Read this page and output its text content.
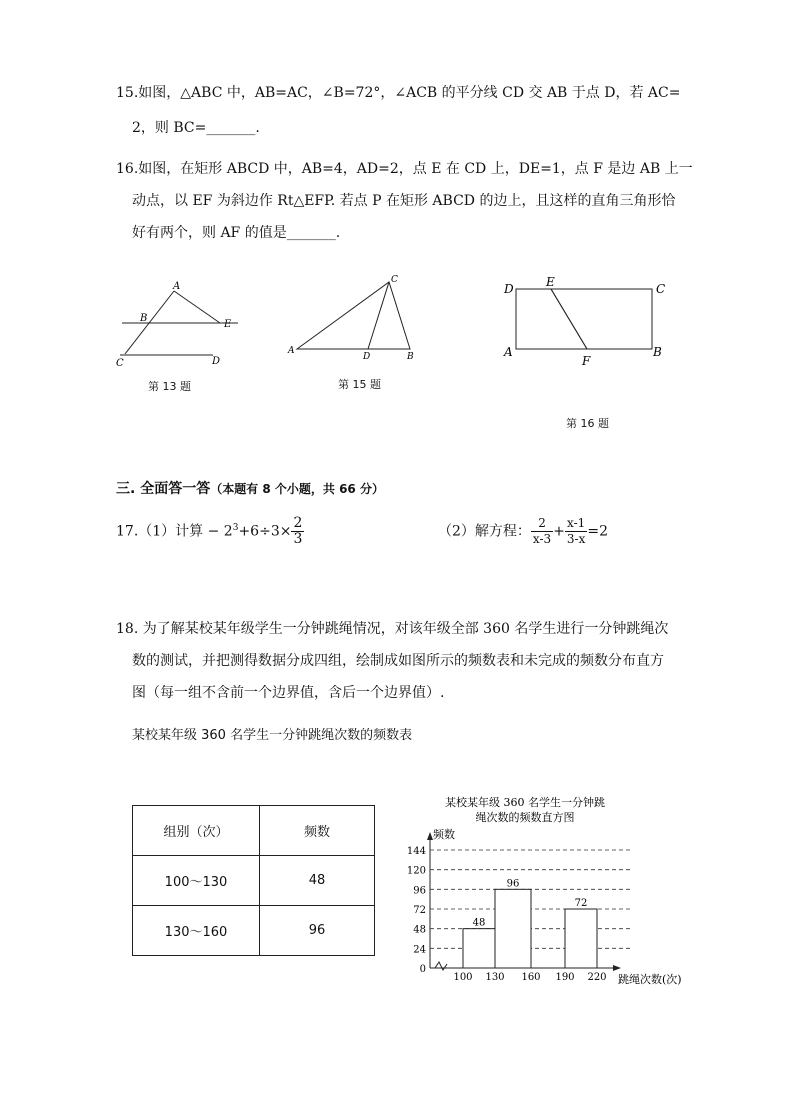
15.如图，△ABC 中，AB=AC，∠B=72°，∠ACB 的平分线 CD 交 AB 于点 D，若 AC=
2，则 BC=_______.
16.如图，在矩形 ABCD 中，AB=4，AD=2，点 E 在 CD 上，DE=1，点 F 是边 AB 上一
动点，以 EF 为斜边作 Rt△EFP. 若点 P 在矩形 ABCD 的边上，且这样的直角三角形恰
好有两个，则 AF 的值是_______.
A
B
E
C	D
第 13 题
C
A
D	B
第 15 题
D	E	C
A
F
B
第 16 题
三. 全面答一答（本题有 8 个小题，共 66 分）
17.（1）计算 − $2^3+6\div 3\times \frac{2}{3}$	（2）解方程： $\frac{2}{x-3} + \frac{x-1}{3-x} =2$
18. 为了解某校某年级学生一分钟跳绳情况，对该年级全部 360 名学生进行一分钟跳绳次
数的测试，并把测得数据分成四组，绘制成如图所示的频数表和未完成的频数分布直方
图（每一组不含前一个边界值，含后一个边界值）.
某校某年级 360 名学生一分钟跳绳次数的频数表
组别（次）	频数
100～130	48
130～160	96
某校某年级 360 名学生一分钟跳
绳次数的频数直方图
频数
跳绳次数(次)
0
24
48
72
96
120
144
100 130 160 190 220
48
96
72
